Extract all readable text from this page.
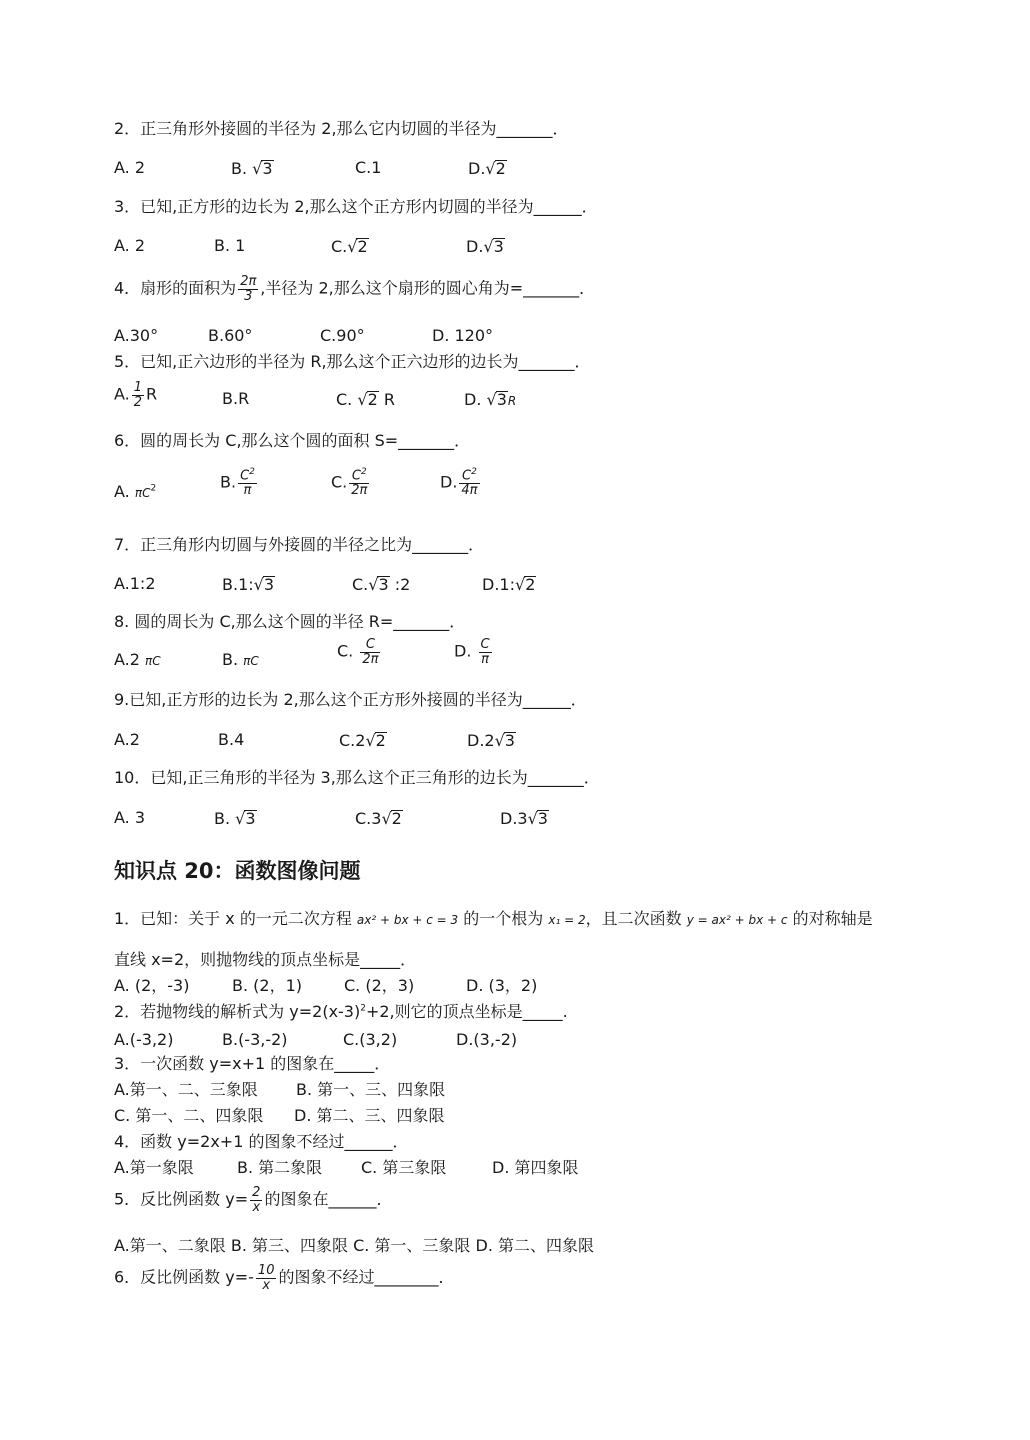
2．正三角形外接圆的半径为 2,那么它内切圆的半径为_______．
A. 2	B. √3	C.1	D.√2
3．已知,正方形的边长为 2,那么这个正方形内切圆的半径为______．
A. 2	B. 1	C.√2	D.√3
4．扇形的面积为 $\frac{2\pi}{3}$ ,半径为 2,那么这个扇形的圆心角为=_______．
A.30°	B.60°	C.90°	D. 120°
5．已知,正六边形的半径为 R,那么这个正六边形的边长为_______．
A. $\frac{1}{2}$ R	B.R	C. √2 R	D. √3R
6．圆的周长为 C,那么这个圆的面积 S=_______．
A. $\pi C^2$	B. $\frac{C^2}{\pi}$	C. $\frac{C^2}{2\pi}$	D. $\frac{C^2}{4\pi}$
7．正三角形内切圆与外接圆的半径之比为_______．
A.1:2	B.1:√3	C.√3 :2	D.1:√2
8. 圆的周长为 C,那么这个圆的半径 R=_______．
A.2 πC	B. πC
C. $\frac{C}{2\pi}$	D. $\frac{C}{\pi}$
9.已知,正方形的边长为 2,那么这个正方形外接圆的半径为______．
A.2	B.4	C.2√2	D.2√3
10．已知,正三角形的半径为 3,那么这个正三角形的边长为_______．
A. 3	B. √3	C.3√2	D.3√3
知识点 20：函数图像问题
1．已知：关于 x 的一元二次方程 ax² + bx + c = 3 的一个根为 x₁ = 2，且二次函数 y = ax² + bx + c 的对称轴是
直线 x=2，则抛物线的顶点坐标是_____．
A. (2，-3)	B. (2，1)	C. (2，3)	D. (3，2)
2．若抛物线的解析式为 $y=2(x-3)^2+2$,则它的顶点坐标是_____.
A.(-3,2)	B.(-3,-2)	C.(3,2)	D.(3,-2)
3．一次函数 y=x+1 的图象在_____．
A.第一、二、三象限 B. 第一、三、四象限
C. 第一、二、四象限 D. 第二、三、四象限
4．函数 y=2x+1 的图象不经过______．
A.第一象限	B. 第二象限 C. 第三象限	D. 第四象限
5．反比例函数 $y= \frac{2}{x}$ 的图象在______．
A.第一、二象限 B. 第三、四象限 C. 第一、三象限 D. 第二、四象限
6．反比例函数 $y=- \frac{10}{x}$ 的图象不经过________．
